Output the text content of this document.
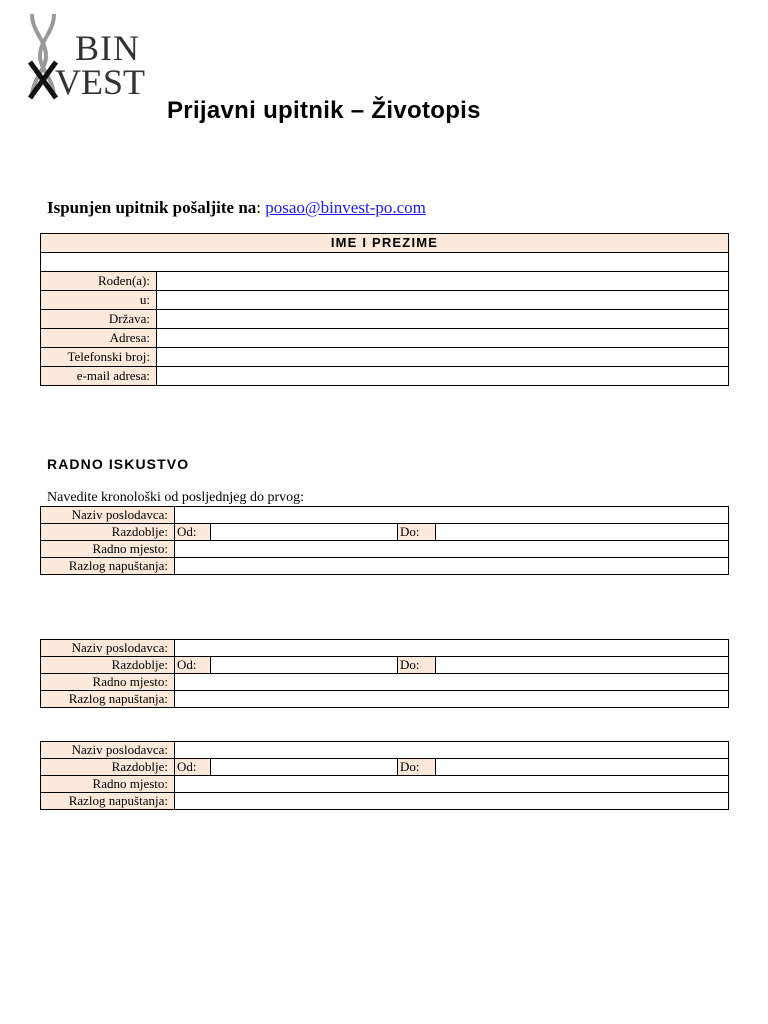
BIN
VEST
Prijavni upitnik – Životopis
Ispunjen upitnik pošaljite na: posao@binvest-po.com
IME I PREZIME	

Rođen(a):	
u:	
Država:	
Adresa:	
Telefonski broj:	
e-mail adresa:	
RADNO ISKUSTVO
Navedite kronološki od posljednjeg do prvog:
Naziv poslodavca:				
Razdoblje:	Od:		Do:	
Radno mjesto:				
Razlog napuštanja:				
Naziv poslodavca:				
Razdoblje:	Od:		Do:	
Radno mjesto:				
Razlog napuštanja:				
Naziv poslodavca:				
Razdoblje:	Od:		Do:	
Radno mjesto:				
Razlog napuštanja:				
